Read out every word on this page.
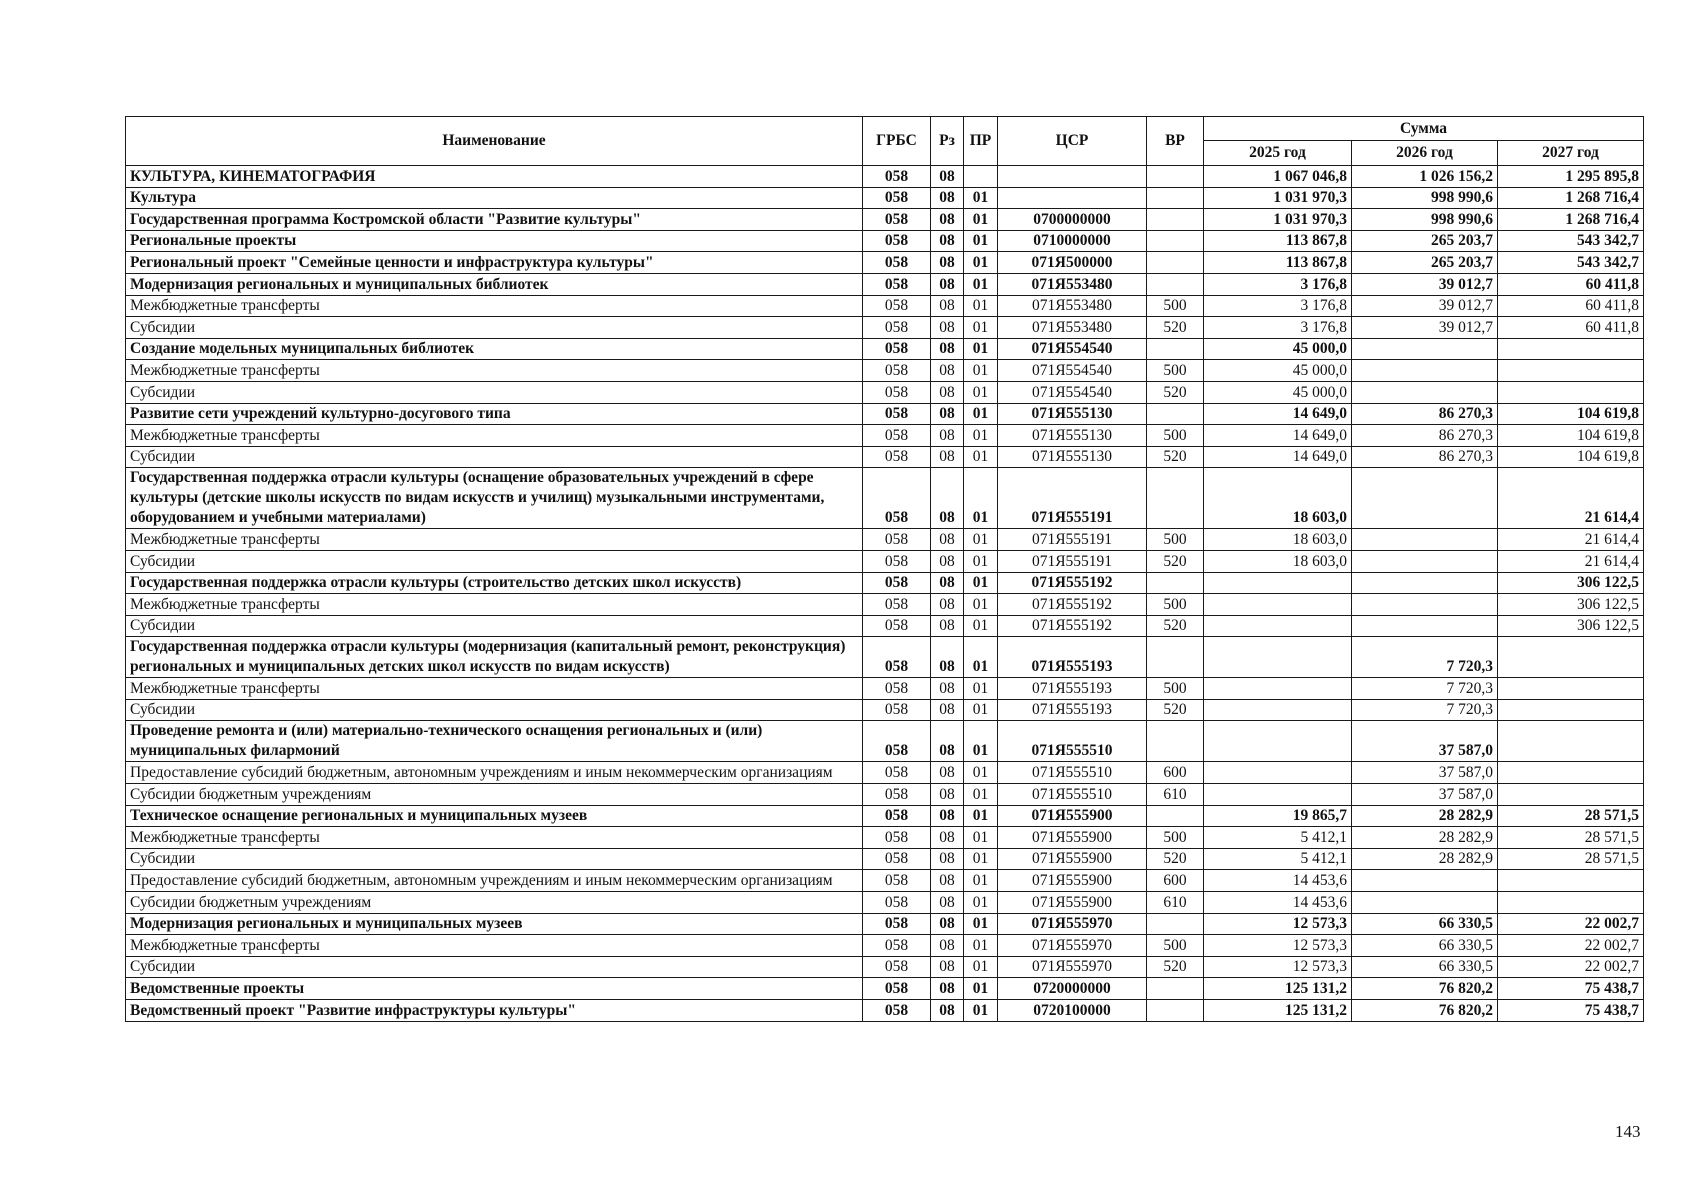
Наименование	ГРБС	Рз	ПР	ЦСР	ВР	Сумма		
						2025 год	2026 год	2027 год
КУЛЬТУРА, КИНЕМАТОГРАФИЯ	058	08				1 067 046,8	1 026 156,2	1 295 895,8
Культура	058	08	01			1 031 970,3	998 990,6	1 268 716,4
Государственная программа Костромской области "Развитие культуры"	058	08	01	0700000000		1 031 970,3	998 990,6	1 268 716,4
Региональные проекты	058	08	01	0710000000		113 867,8	265 203,7	543 342,7
Региональный проект "Семейные ценности и инфраструктура культуры"	058	08	01	071Я500000		113 867,8	265 203,7	543 342,7
Модернизация региональных и муниципальных библиотек	058	08	01	071Я553480		3 176,8	39 012,7	60 411,8
Межбюджетные трансферты	058	08	01	071Я553480	500	3 176,8	39 012,7	60 411,8
Субсидии	058	08	01	071Я553480	520	3 176,8	39 012,7	60 411,8
Создание модельных муниципальных библиотек	058	08	01	071Я554540		45 000,0		
Межбюджетные трансферты	058	08	01	071Я554540	500	45 000,0		
Субсидии	058	08	01	071Я554540	520	45 000,0		
Развитие сети учреждений культурно-досугового типа	058	08	01	071Я555130		14 649,0	86 270,3	104 619,8
Межбюджетные трансферты	058	08	01	071Я555130	500	14 649,0	86 270,3	104 619,8
Субсидии	058	08	01	071Я555130	520	14 649,0	86 270,3	104 619,8
Государственная поддержка отрасли культуры (оснащение образовательных учреждений в сфере культуры (детские школы искусств по видам искусств и училищ) музыкальными инструментами, оборудованием и учебными материалами)	058	08	01	071Я555191		18 603,0		21 614,4
Межбюджетные трансферты	058	08	01	071Я555191	500	18 603,0		21 614,4
Субсидии	058	08	01	071Я555191	520	18 603,0		21 614,4
Государственная поддержка отрасли культуры (строительство детских школ искусств)	058	08	01	071Я555192				306 122,5
Межбюджетные трансферты	058	08	01	071Я555192	500			306 122,5
Субсидии	058	08	01	071Я555192	520			306 122,5
Государственная поддержка отрасли культуры (модернизация (капитальный ремонт, реконструкция) региональных и муниципальных детских школ искусств по видам искусств)	058	08	01	071Я555193			7 720,3	
Межбюджетные трансферты	058	08	01	071Я555193	500		7 720,3	
Субсидии	058	08	01	071Я555193	520		7 720,3	
Проведение ремонта и (или) материально-технического оснащения региональных и (или) муниципальных филармоний	058	08	01	071Я555510			37 587,0	
Предоставление субсидий бюджетным, автономным учреждениям и иным некоммерческим организациям	058	08	01	071Я555510	600		37 587,0	
Субсидии бюджетным учреждениям	058	08	01	071Я555510	610		37 587,0	
Техническое оснащение региональных и муниципальных музеев	058	08	01	071Я555900		19 865,7	28 282,9	28 571,5
Межбюджетные трансферты	058	08	01	071Я555900	500	5 412,1	28 282,9	28 571,5
Субсидии	058	08	01	071Я555900	520	5 412,1	28 282,9	28 571,5
Предоставление субсидий бюджетным, автономным учреждениям и иным некоммерческим организациям	058	08	01	071Я555900	600	14 453,6		
Субсидии бюджетным учреждениям	058	08	01	071Я555900	610	14 453,6		
Модернизация региональных и муниципальных музеев	058	08	01	071Я555970		12 573,3	66 330,5	22 002,7
Межбюджетные трансферты	058	08	01	071Я555970	500	12 573,3	66 330,5	22 002,7
Субсидии	058	08	01	071Я555970	520	12 573,3	66 330,5	22 002,7
Ведомственные проекты	058	08	01	0720000000		125 131,2	76 820,2	75 438,7
Ведомственный проект "Развитие инфраструктуры культуры"	058	08	01	0720100000		125 131,2	76 820,2	75 438,7
143
